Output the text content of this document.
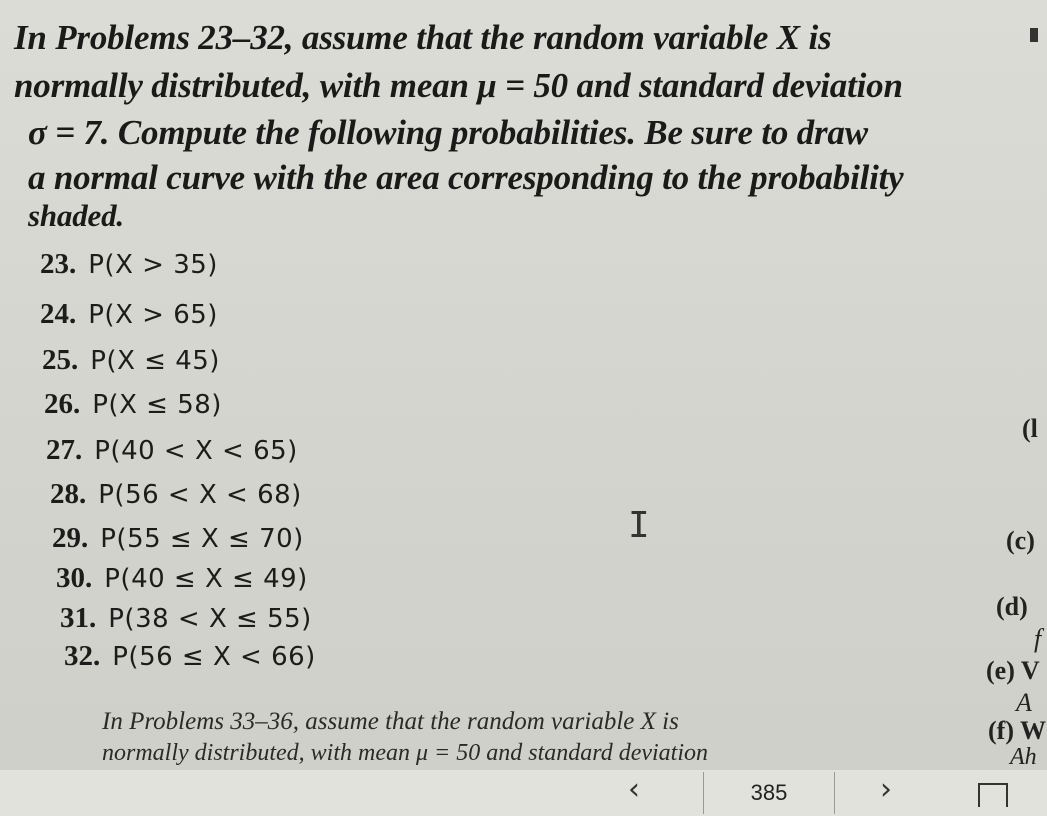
In Problems 23–32, assume that the random variable X is
normally distributed, with mean μ = 50 and standard deviation
σ = 7. Compute the following probabilities. Be sure to draw
a normal curve with the area corresponding to the probability
shaded.
23. P(X > 35)
24. P(X > 65)
25. P(X ≤ 45)
26. P(X ≤ 58)
27. P(40 < X < 65)
28. P(56 < X < 68)
29. P(55 ≤ X ≤ 70)
30. P(40 ≤ X ≤ 49)
31. P(38 < X ≤ 55)
32. P(56 ≤ X < 66)
I
(l
(c)
(d)
f
(e) V
A
(f) W
Ah
In Problems 33–36, assume that the random variable X is
normally distributed, with mean μ = 50 and standard deviation
‹	385	›
